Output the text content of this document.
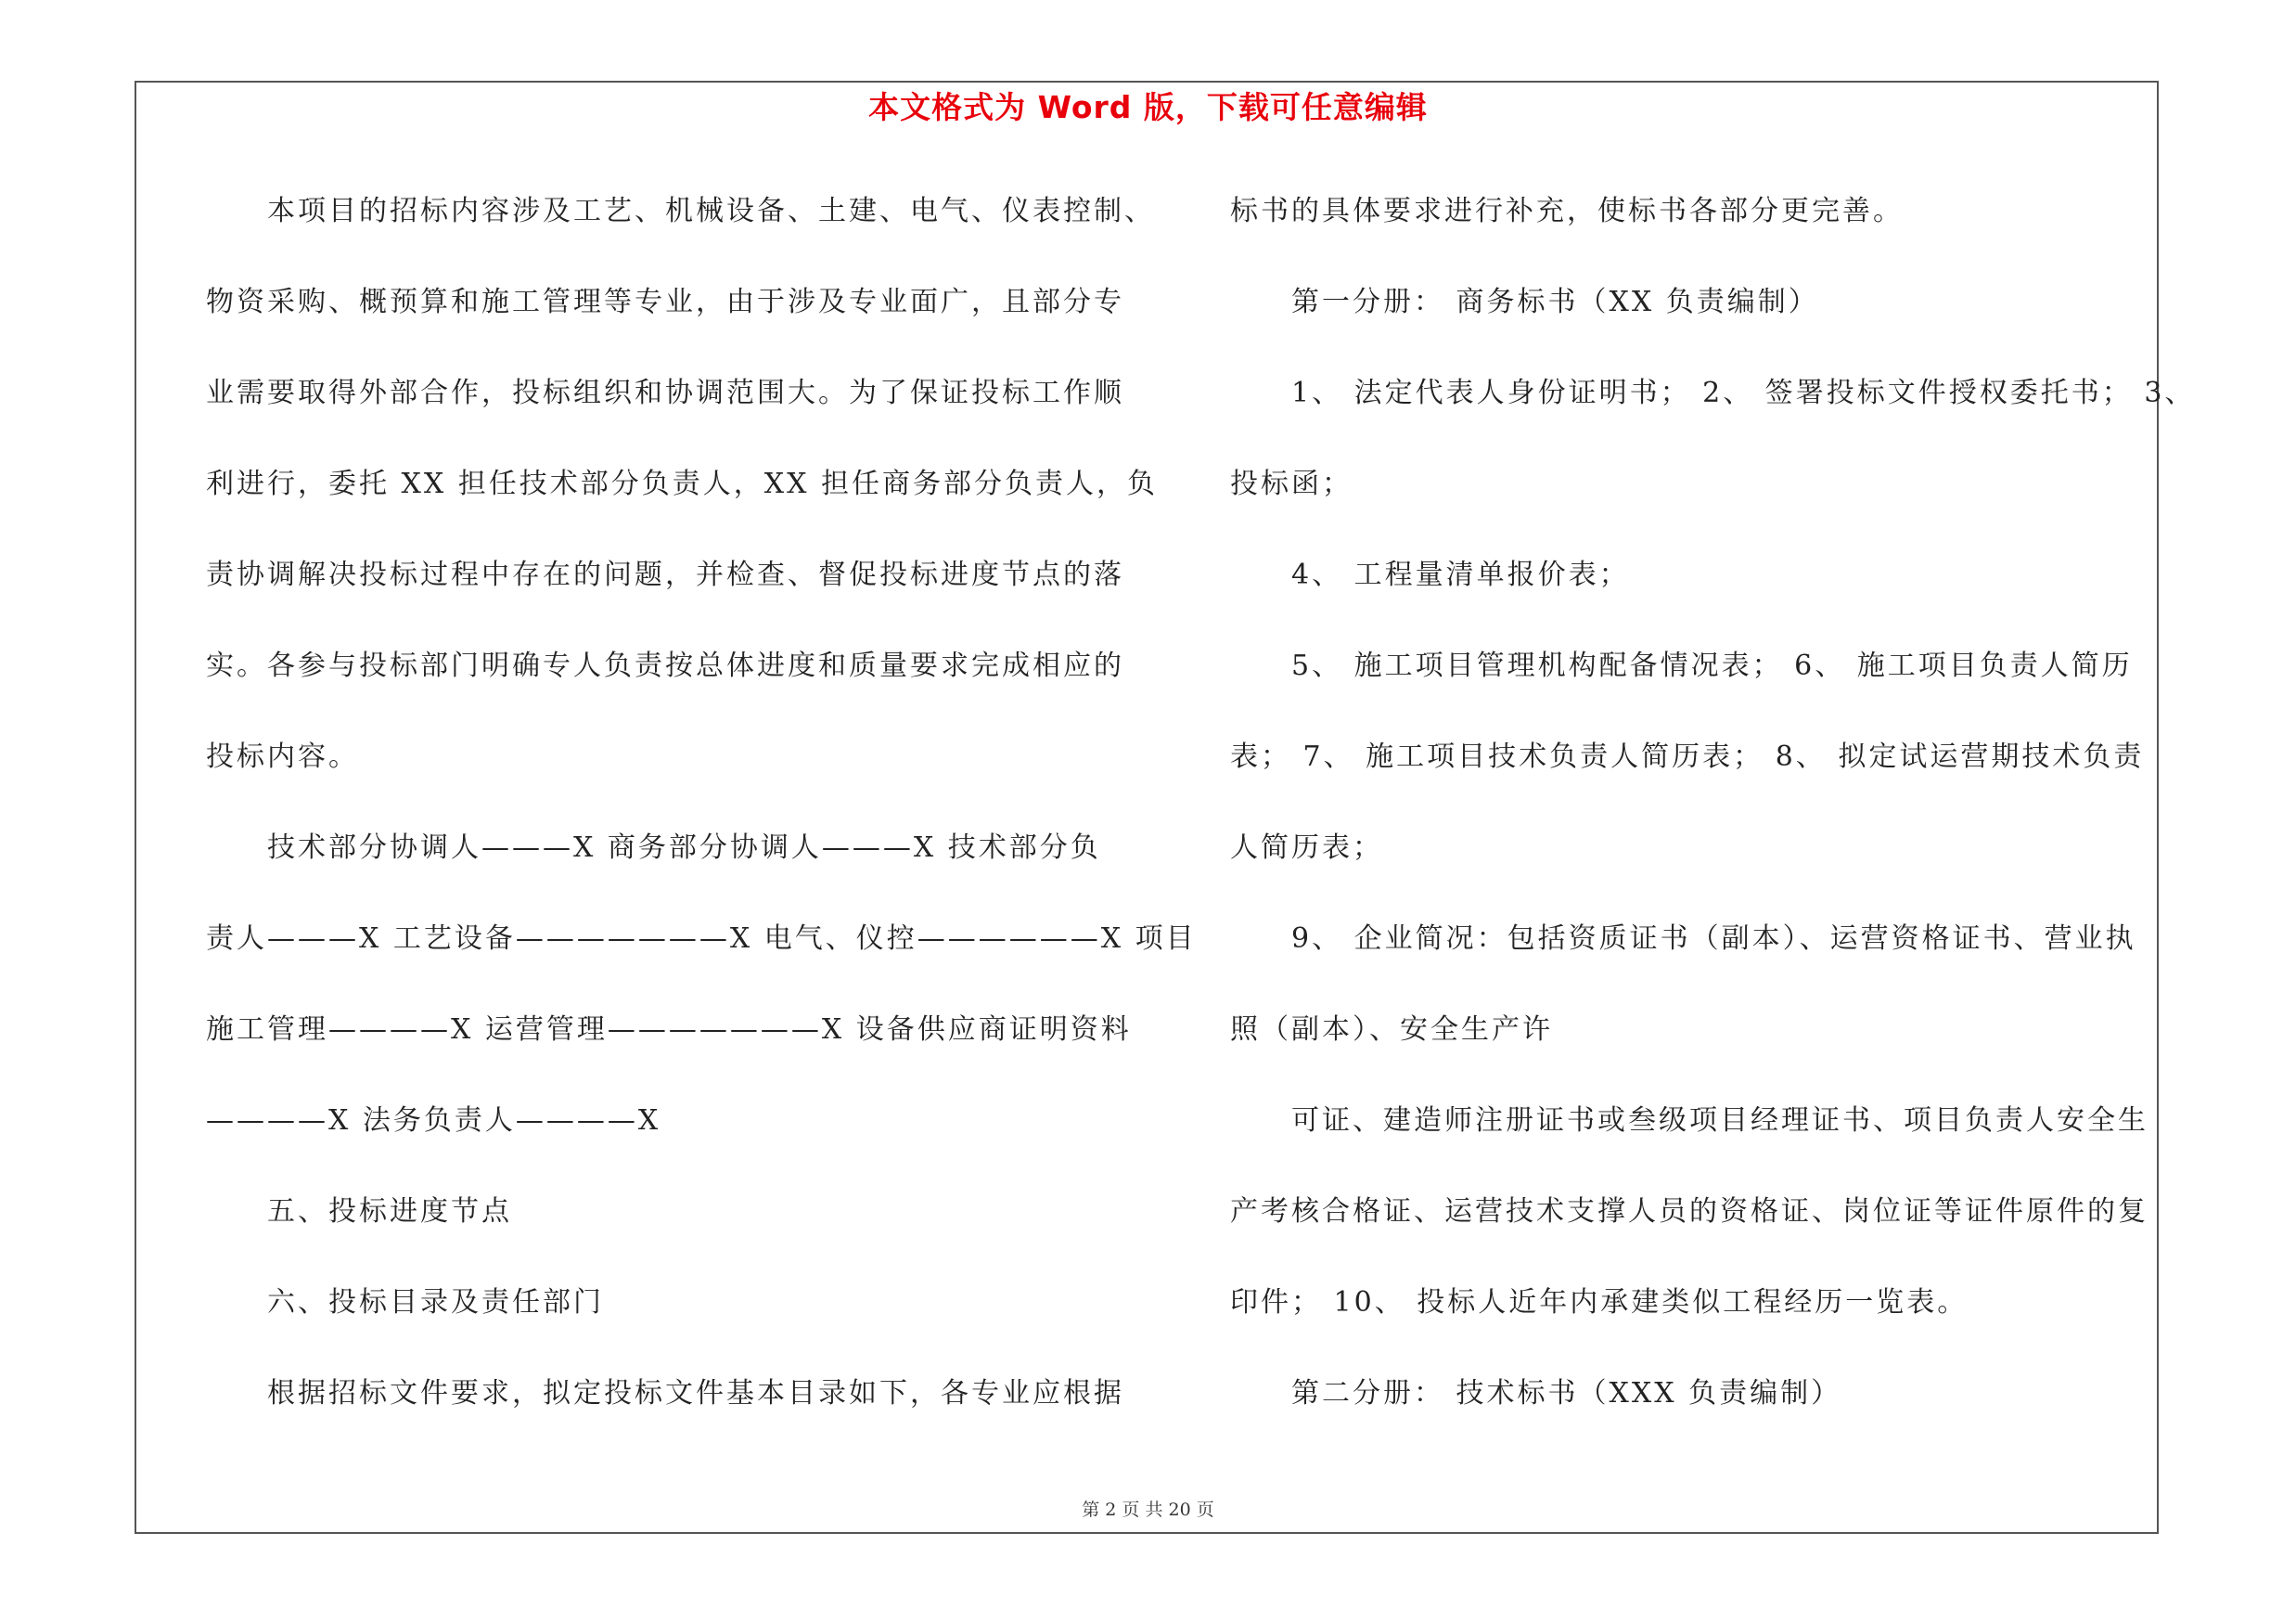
本文格式为 Word 版，下载可任意编辑
本项目的招标内容涉及工艺、机械设备、土建、电气、仪表控制、
物资采购、概预算和施工管理等专业，由于涉及专业面广，且部分专
业需要取得外部合作，投标组织和协调范围大。为了保证投标工作顺
利进行，委托 XX 担任技术部分负责人，XX 担任商务部分负责人，负
责协调解决投标过程中存在的问题，并检查、督促投标进度节点的落
实。各参与投标部门明确专人负责按总体进度和质量要求完成相应的
投标内容。
技术部分协调人———X 商务部分协调人———X 技术部分负
责人———X 工艺设备———————X 电气、仪控——————X 项目
施工管理————X 运营管理———————X 设备供应商证明资料
————X 法务负责人————X
五、投标进度节点
六、投标目录及责任部门
根据招标文件要求，拟定投标文件基本目录如下，各专业应根据
标书的具体要求进行补充，使标书各部分更完善。
第一分册： 商务标书（XX 负责编制）
1、 法定代表人身份证明书； 2、 签署投标文件授权委托书； 3、
投标函；
4、 工程量清单报价表；
5、 施工项目管理机构配备情况表； 6、 施工项目负责人简历
表； 7、 施工项目技术负责人简历表； 8、 拟定试运营期技术负责
人简历表；
9、 企业简况：包括资质证书（副本）、运营资格证书、营业执
照（副本）、安全生产许
可证、建造师注册证书或叁级项目经理证书、项目负责人安全生
产考核合格证、运营技术支撑人员的资格证、岗位证等证件原件的复
印件； 10、 投标人近年内承建类似工程经历一览表。
第二分册： 技术标书（XXX 负责编制）
第 2 页 共 20 页
